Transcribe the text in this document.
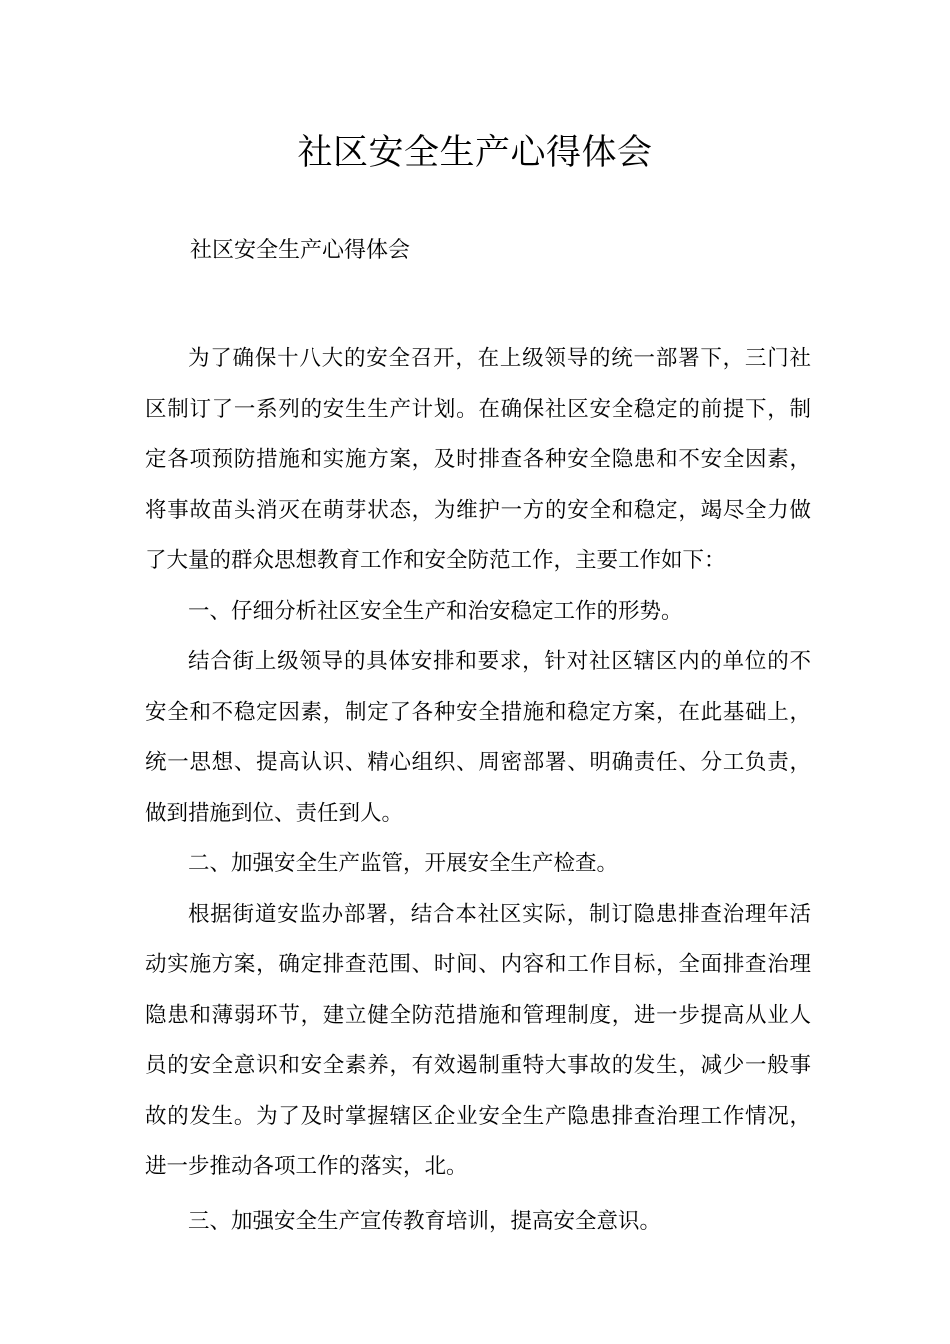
社区安全生产心得体会

社区安全生产心得体会

为了确保十八大的安全召开，在上级领导的统一部署下，三门社区制订了一系列的安生生产计划。在确保社区安全稳定的前提下，制定各项预防措施和实施方案，及时排查各种安全隐患和不安全因素，将事故苗头消灭在萌芽状态，为维护一方的安全和稳定，竭尽全力做了大量的群众思想教育工作和安全防范工作，主要工作如下：

一、仔细分析社区安全生产和治安稳定工作的形势。

结合街上级领导的具体安排和要求，针对社区辖区内的单位的不安全和不稳定因素，制定了各种安全措施和稳定方案，在此基础上，统一思想、提高认识、精心组织、周密部署、明确责任、分工负责，做到措施到位、责任到人。

二、加强安全生产监管，开展安全生产检查。

根据街道安监办部署，结合本社区实际，制订隐患排查治理年活动实施方案，确定排查范围、时间、内容和工作目标，全面排查治理隐患和薄弱环节，建立健全防范措施和管理制度，进一步提高从业人员的安全意识和安全素养，有效遏制重特大事故的发生，减少一般事故的发生。为了及时掌握辖区企业安全生产隐患排查治理工作情况，进一步推动各项工作的落实，北。

三、加强安全生产宣传教育培训，提高安全意识。
